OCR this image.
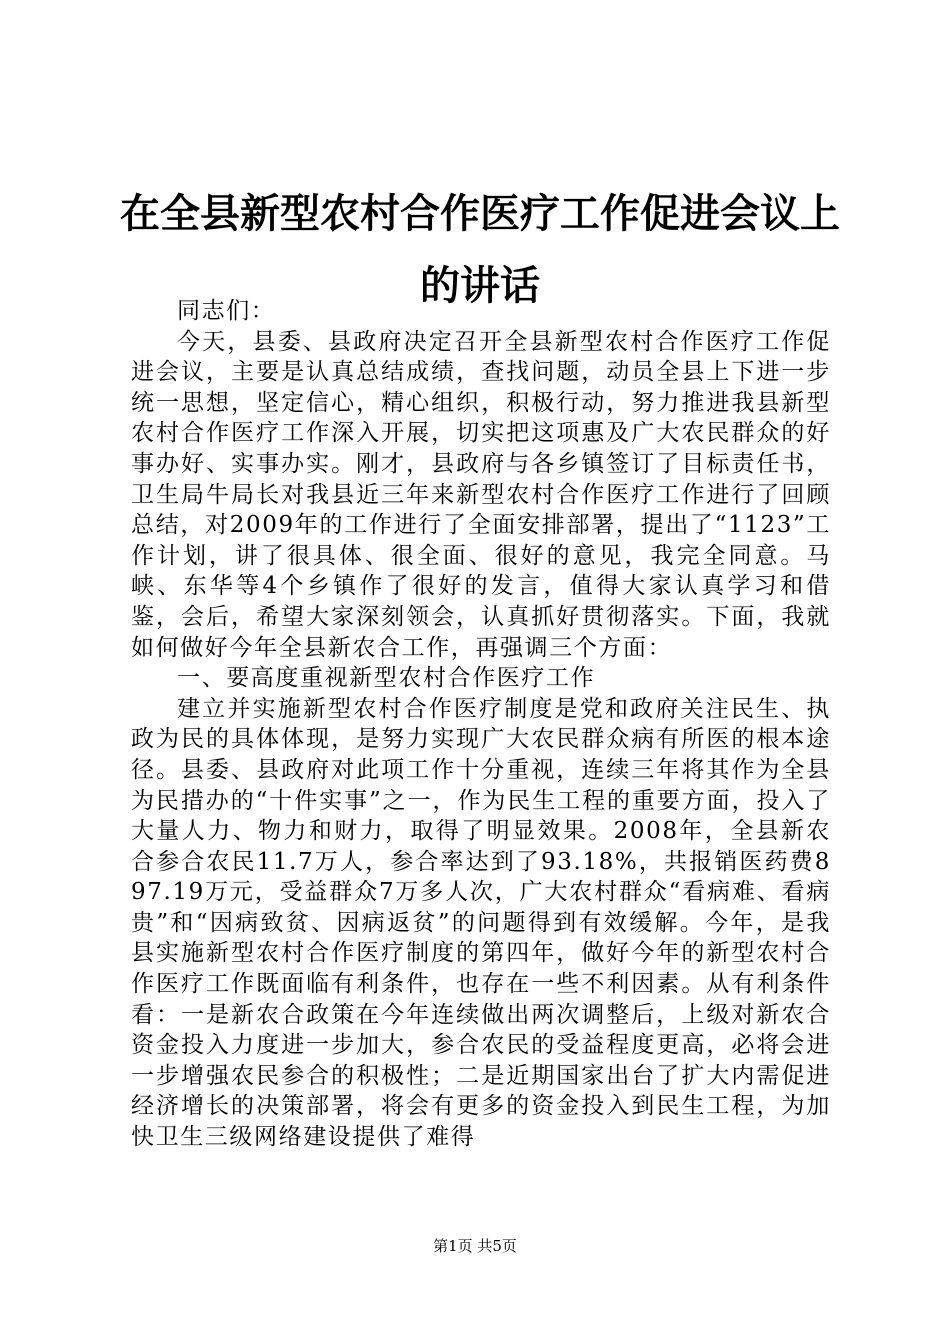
在全县新型农村合作医疗工作促进会议上的讲话

同志们：

今天，县委、县政府决定召开全县新型农村合作医疗工作促进会议，主要是认真总结成绩，查找问题，动员全县上下进一步统一思想，坚定信心，精心组织，积极行动，努力推进我县新型农村合作医疗工作深入开展，切实把这项惠及广大农民群众的好事办好、实事办实。刚才，县政府与各乡镇签订了目标责任书，卫生局牛局长对我县近三年来新型农村合作医疗工作进行了回顾总结，对2009年的工作进行了全面安排部署，提出了“1123”工作计划，讲了很具体、很全面、很好的意见，我完全同意。马峡、东华等4个乡镇作了很好的发言，值得大家认真学习和借鉴，会后，希望大家深刻领会，认真抓好贯彻落实。下面，我就如何做好今年全县新农合工作，再强调三个方面：

一、要高度重视新型农村合作医疗工作

建立并实施新型农村合作医疗制度是党和政府关注民生、执政为民的具体体现，是努力实现广大农民群众病有所医的根本途径。县委、县政府对此项工作十分重视，连续三年将其作为全县为民措办的“十件实事”之一，作为民生工程的重要方面，投入了大量人力、物力和财力，取得了明显效果。2008年，全县新农合参合农民11.7万人，参合率达到了93.18%，共报销医药费897.19万元，受益群众7万多人次，广大农村群众“看病难、看病贵”和“因病致贫、因病返贫”的问题得到有效缓解。今年，是我县实施新型农村合作医疗制度的第四年，做好今年的新型农村合作医疗工作既面临有利条件，也存在一些不利因素。从有利条件看：一是新农合政策在今年连续做出两次调整后，上级对新农合资金投入力度进一步加大，参合农民的受益程度更高，必将会进一步增强农民参合的积极性；二是近期国家出台了扩大内需促进经济增长的决策部署，将会有更多的资金投入到民生工程，为加快卫生三级网络建设提供了难得

第1页 共5页
